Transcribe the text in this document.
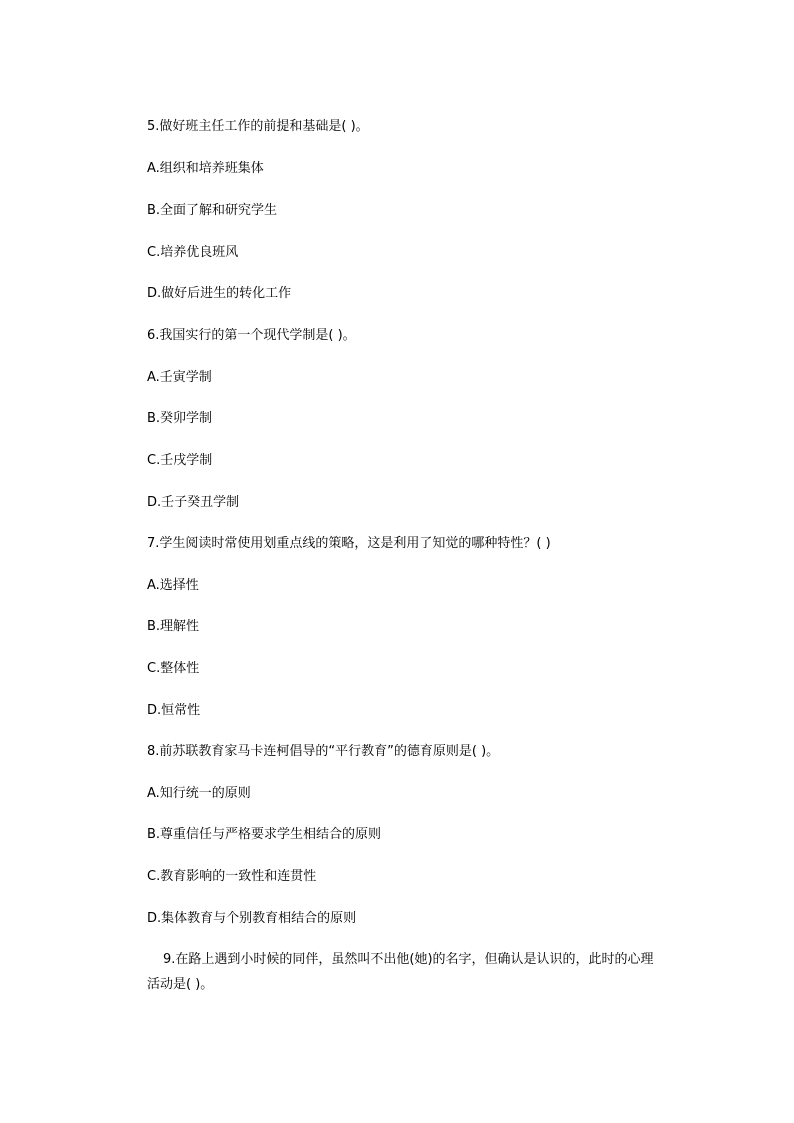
5.做好班主任工作的前提和基础是( )。
A.组织和培养班集体
B.全面了解和研究学生
C.培养优良班风
D.做好后进生的转化工作
6.我国实行的第一个现代学制是( )。
A.壬寅学制
B.癸卯学制
C.壬戌学制
D.壬子癸丑学制
7.学生阅读时常使用划重点线的策略，这是利用了知觉的哪种特性？( )
A.选择性
B.理解性
C.整体性
D.恒常性
8.前苏联教育家马卡连柯倡导的“平行教育”的德育原则是( )。
A.知行统一的原则
B.尊重信任与严格要求学生相结合的原则
C.教育影响的一致性和连贯性
D.集体教育与个别教育相结合的原则
9.在路上遇到小时候的同伴，虽然叫不出他(她)的名字，但确认是认识的，此时的心理活动是( )。
